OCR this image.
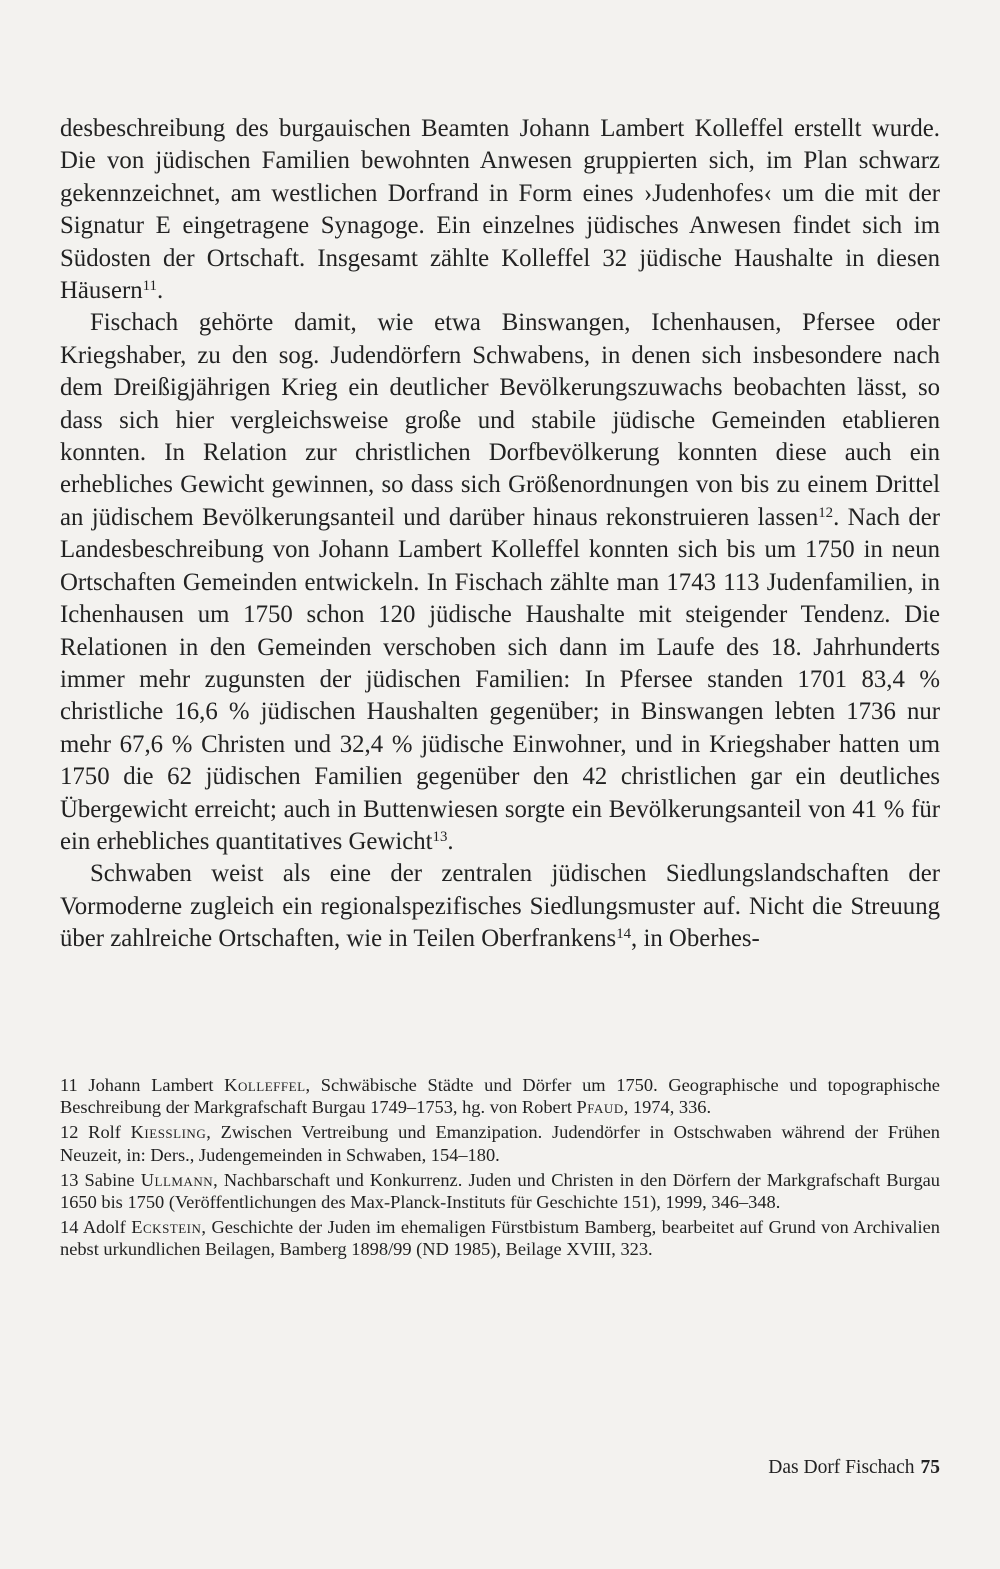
desbeschreibung des burgauischen Beamten Johann Lambert Kolleffel erstellt wurde. Die von jüdischen Familien bewohnten Anwesen gruppierten sich, im Plan schwarz gekennzeichnet, am westlichen Dorfrand in Form eines ›Judenhofes‹ um die mit der Signatur E eingetragene Synagoge. Ein einzelnes jüdisches Anwesen findet sich im Südosten der Ortschaft. Insgesamt zählte Kolleffel 32 jüdische Haushalte in diesen Häusern$^{11}$.

Fischach gehörte damit, wie etwa Binswangen, Ichenhausen, Pfersee oder Kriegshaber, zu den sog. Judendörfern Schwabens, in denen sich insbesondere nach dem Dreißigjährigen Krieg ein deutlicher Bevölkerungszuwachs beobachten lässt, so dass sich hier vergleichsweise große und stabile jüdische Gemeinden etablieren konnten. In Relation zur christlichen Dorfbevölkerung konnten diese auch ein erhebliches Gewicht gewinnen, so dass sich Größenordnungen von bis zu einem Drittel an jüdischem Bevölkerungsanteil und darüber hinaus rekonstruieren lassen$^{12}$. Nach der Landesbeschreibung von Johann Lambert Kolleffel konnten sich bis um 1750 in neun Ortschaften Gemeinden entwickeln. In Fischach zählte man 1743 113 Judenfamilien, in Ichenhausen um 1750 schon 120 jüdische Haushalte mit steigender Tendenz. Die Relationen in den Gemeinden verschoben sich dann im Laufe des 18. Jahrhunderts immer mehr zugunsten der jüdischen Familien: In Pfersee standen 1701 83,4 % christliche 16,6 % jüdischen Haushalten gegenüber; in Binswangen lebten 1736 nur mehr 67,6 % Christen und 32,4 % jüdische Einwohner, und in Kriegshaber hatten um 1750 die 62 jüdischen Familien gegenüber den 42 christlichen gar ein deutliches Übergewicht erreicht; auch in Buttenwiesen sorgte ein Bevölkerungsanteil von 41 % für ein erhebliches quantitatives Gewicht$^{13}$.

Schwaben weist als eine der zentralen jüdischen Siedlungslandschaften der Vormoderne zugleich ein regionalspezifisches Siedlungsmuster auf. Nicht die Streuung über zahlreiche Ortschaften, wie in Teilen Oberfrankens$^{14}$, in Oberhes-

11 Johann Lambert Kolleffel, Schwäbische Städte und Dörfer um 1750. Geographische und topographische Beschreibung der Markgrafschaft Burgau 1749–1753, hg. von Robert Pfaud, 1974, 336.

12 Rolf Kiessling, Zwischen Vertreibung und Emanzipation. Judendörfer in Ostschwaben während der Frühen Neuzeit, in: Ders., Judengemeinden in Schwaben, 154–180.

13 Sabine Ullmann, Nachbarschaft und Konkurrenz. Juden und Christen in den Dörfern der Markgrafschaft Burgau 1650 bis 1750 (Veröffentlichungen des Max-Planck-Instituts für Geschichte 151), 1999, 346–348.

14 Adolf Eckstein, Geschichte der Juden im ehemaligen Fürstbistum Bamberg, bearbeitet auf Grund von Archivalien nebst urkundlichen Beilagen, Bamberg 1898/99 (ND 1985), Beilage XVIII, 323.

Das Dorf Fischach 75
